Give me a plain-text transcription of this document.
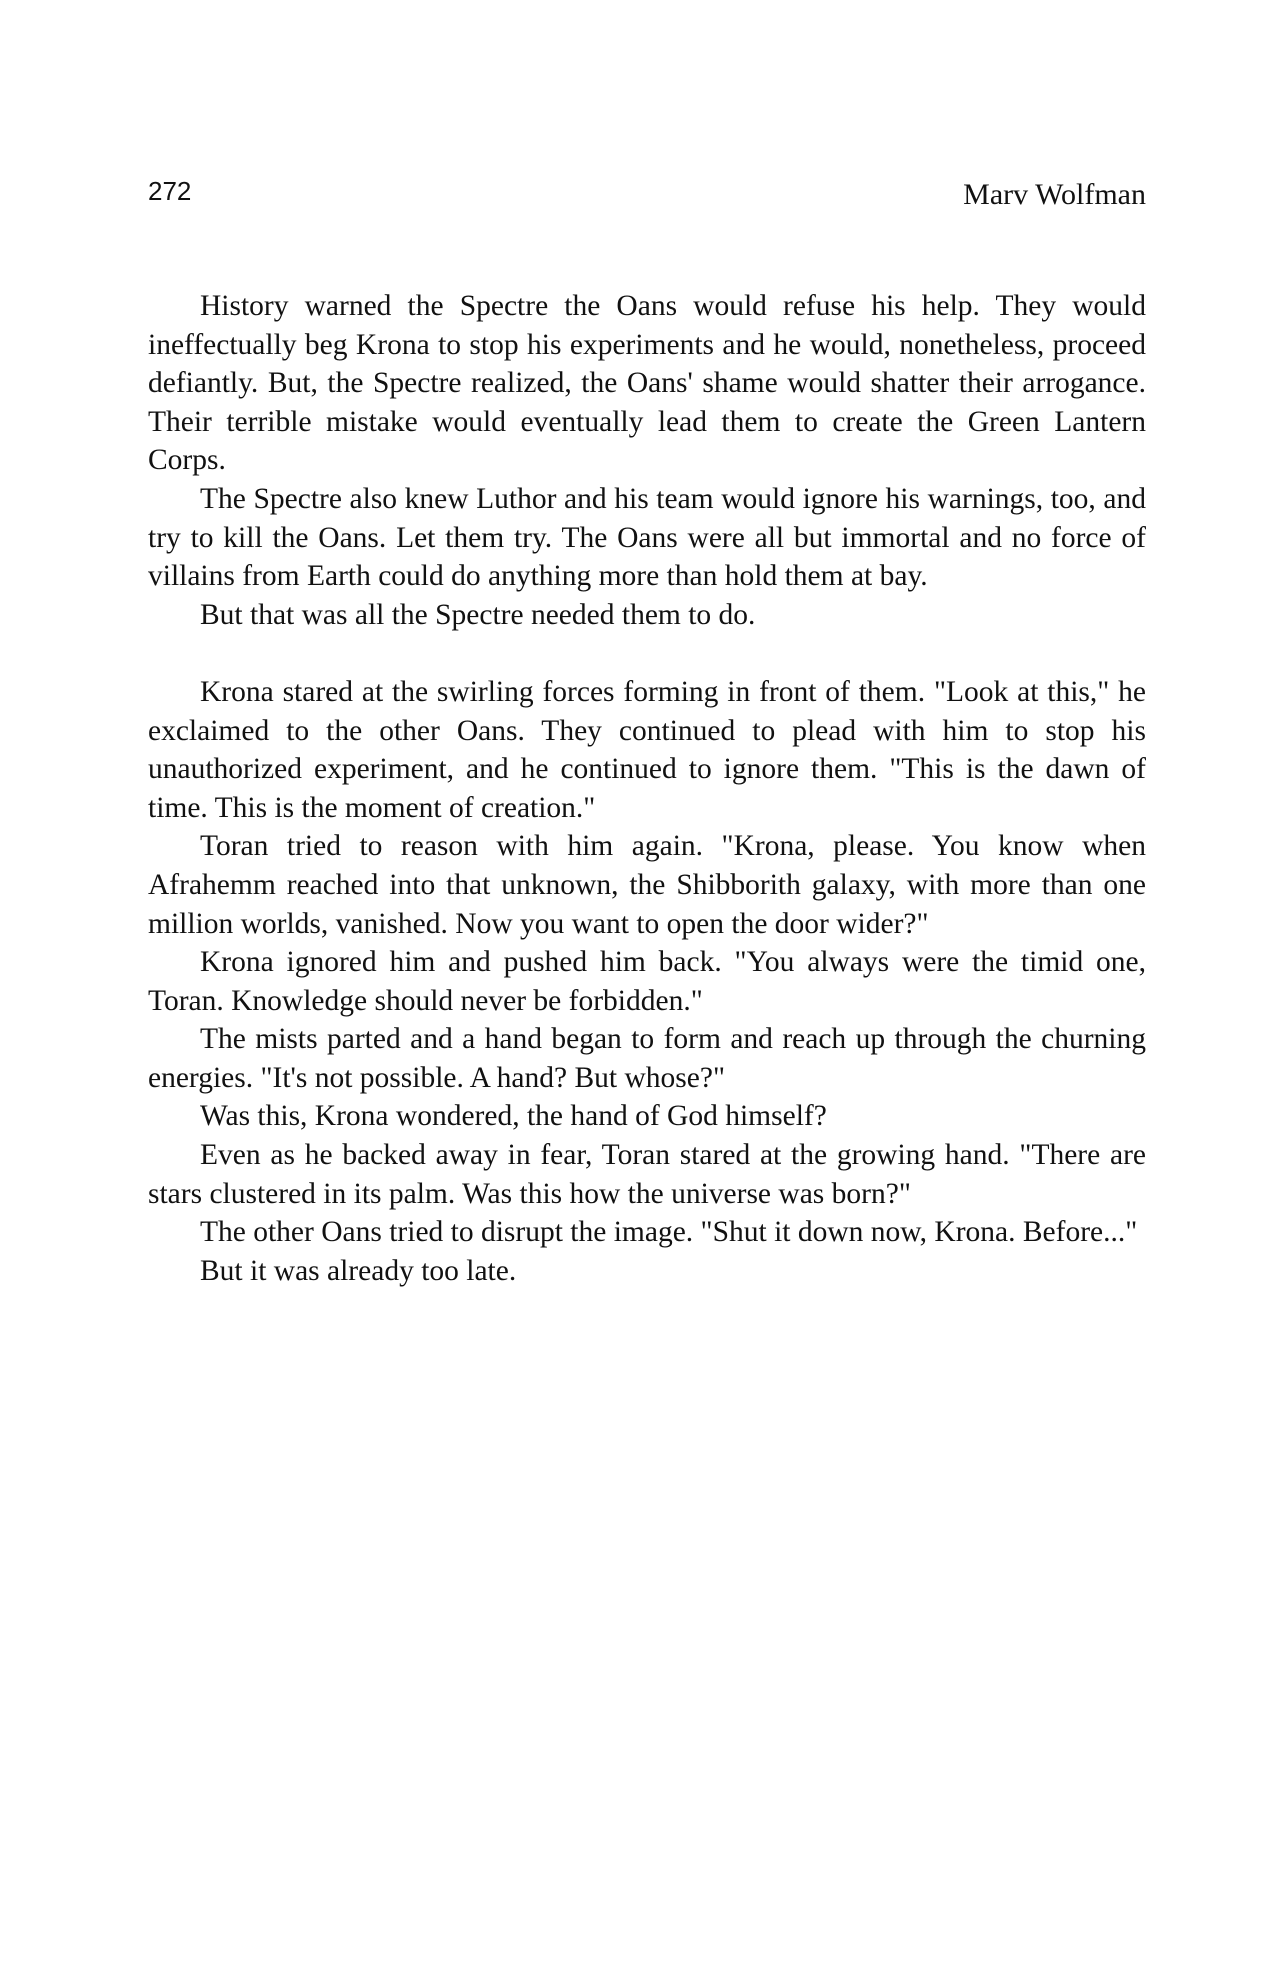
272	Marv Wolfman

History warned the Spectre the Oans would refuse his help. They would ineffectually beg Krona to stop his experiments and he would, nonetheless, proceed defiantly. But, the Spectre realized, the Oans' shame would shatter their arrogance. Their terrible mistake would eventually lead them to create the Green Lantern Corps.

The Spectre also knew Luthor and his team would ignore his warnings, too, and try to kill the Oans. Let them try. The Oans were all but immortal and no force of villains from Earth could do anything more than hold them at bay.

But that was all the Spectre needed them to do.

Krona stared at the swirling forces forming in front of them. "Look at this," he exclaimed to the other Oans. They continued to plead with him to stop his unauthorized experiment, and he continued to ignore them. "This is the dawn of time. This is the moment of creation."

Toran tried to reason with him again. "Krona, please. You know when Afrahemm reached into that unknown, the Shibborith galaxy, with more than one million worlds, vanished. Now you want to open the door wider?"

Krona ignored him and pushed him back. "You always were the timid one, Toran. Knowledge should never be forbidden."

The mists parted and a hand began to form and reach up through the churning energies. "It's not possible. A hand? But whose?"

Was this, Krona wondered, the hand of God himself?

Even as he backed away in fear, Toran stared at the growing hand. "There are stars clustered in its palm. Was this how the universe was born?"

The other Oans tried to disrupt the image. "Shut it down now, Krona. Before..."

But it was already too late.
